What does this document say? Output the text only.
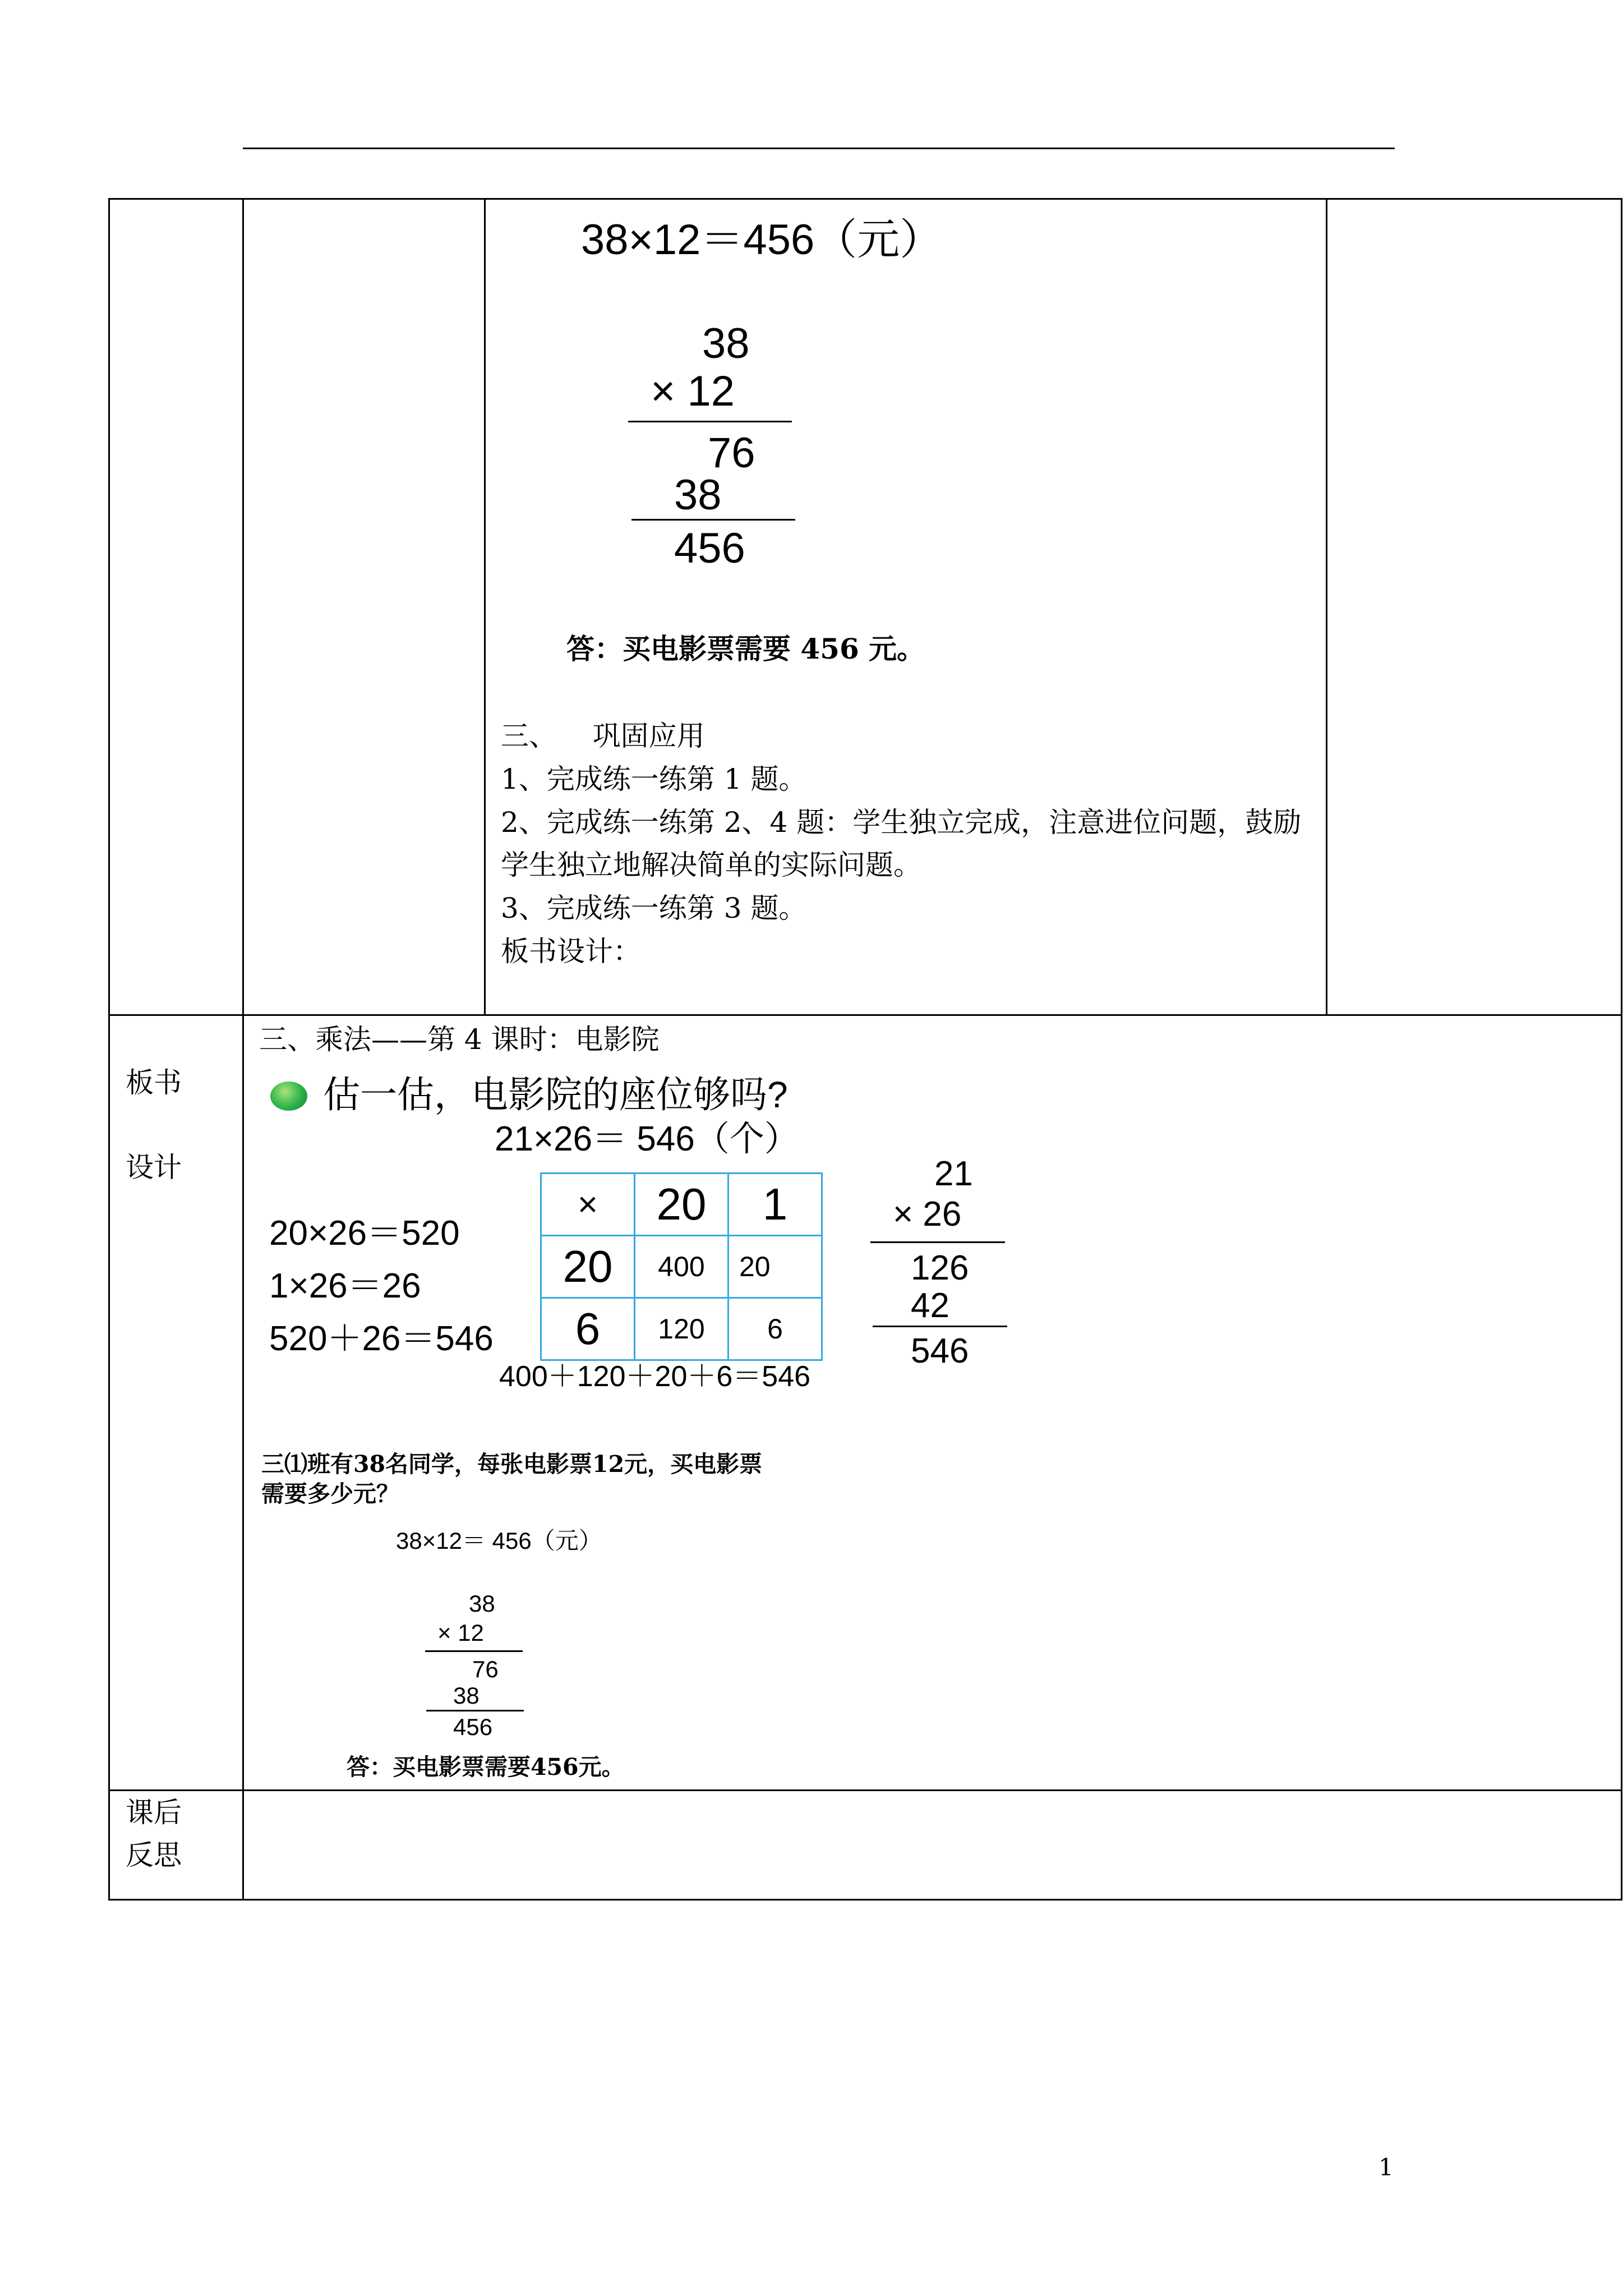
38×12＝456（元）
38
× 12
76
38
456
答：买电影票需要 456 元。
三、    巩固应用
1、完成练一练第 1 题。
2、完成练一练第 2、4 题：学生独立完成，注意进位问题，鼓励
学生独立地解决简单的实际问题。
3、完成练一练第 3 题。
板书设计：
板书
设计
三、乘法——第 4 课时：电影院
估一估，电影院的座位够吗?
21×26＝ 546（个）
20×26＝520
1×26＝26
520＋26＝546
×	20	1
20	400	20
6	120	6
400＋120＋20＋6＝546
21
× 26
126
42
546
三⑴班有38名同学，每张电影票12元，买电影票
需要多少元？
38×12＝ 456（元）
38
× 12
76
38
456
答：买电影票需要456元。
课后
反思
1
